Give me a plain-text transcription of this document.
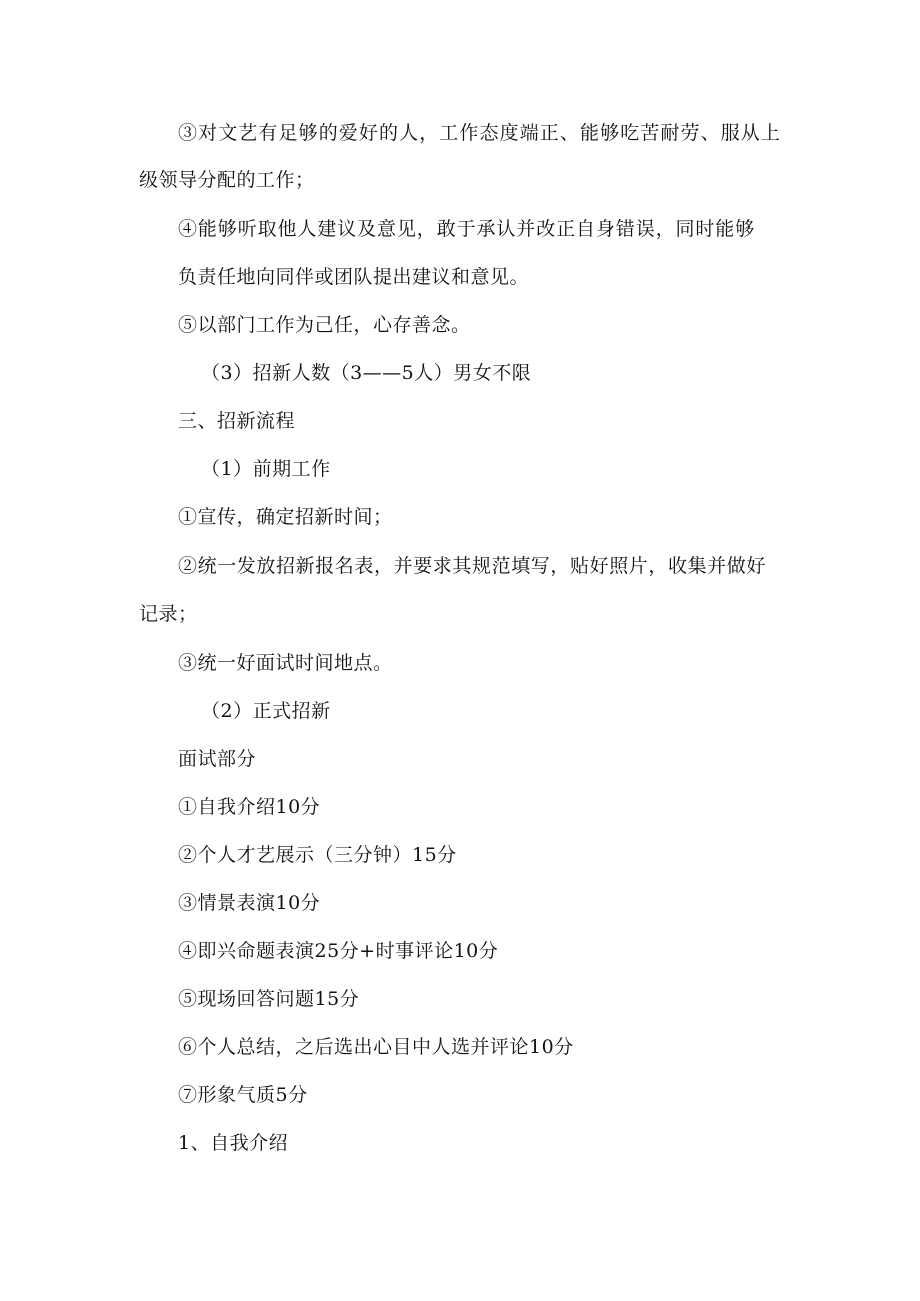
③对文艺有足够的爱好的人，工作态度端正、能够吃苦耐劳、服从上
级领导分配的工作；
④能够听取他人建议及意见，敢于承认并改正自身错误，同时能够
负责任地向同伴或团队提出建议和意见。
⑤以部门工作为己任，心存善念。
（3）招新人数（3——5人）男女不限
三、招新流程
（1）前期工作
①宣传，确定招新时间；
②统一发放招新报名表，并要求其规范填写，贴好照片，收集并做好
记录；
③统一好面试时间地点。
（2）正式招新
面试部分
①自我介绍10分
②个人才艺展示（三分钟）15分
③情景表演10分
④即兴命题表演25分+时事评论10分
⑤现场回答问题15分
⑥个人总结，之后选出心目中人选并评论10分
⑦形象气质5分
1、自我介绍
